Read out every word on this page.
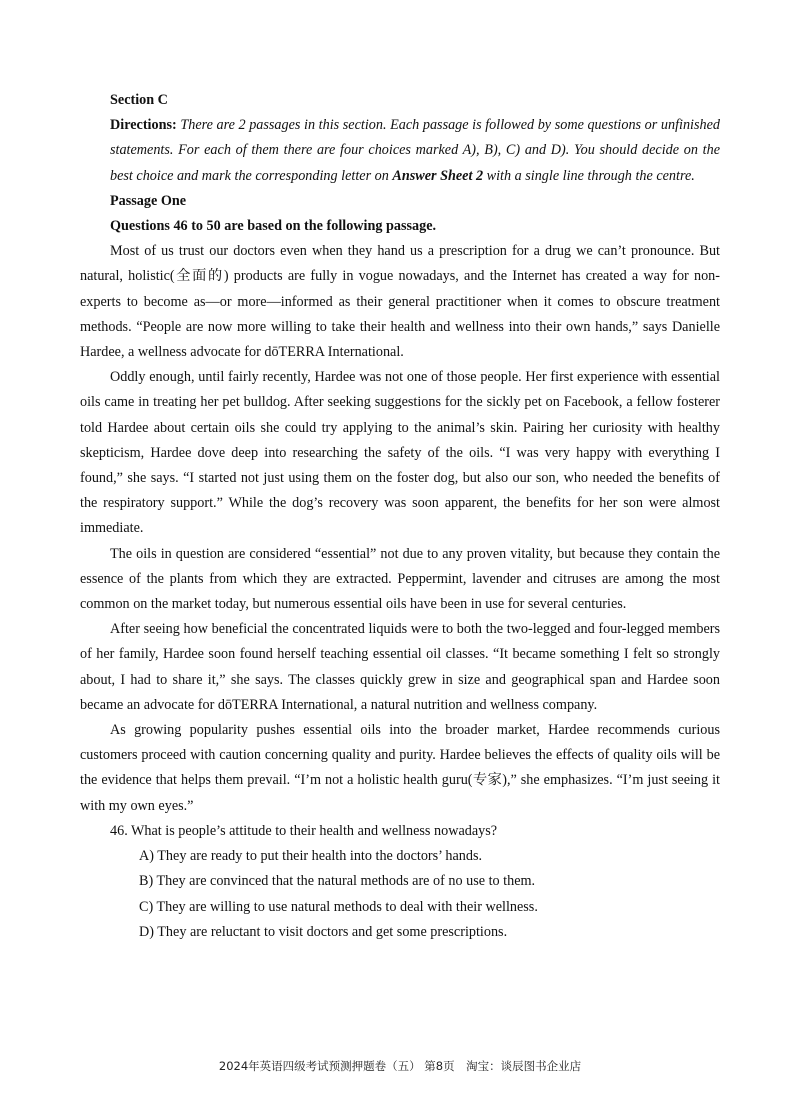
Section C
Directions: There are 2 passages in this section. Each passage is followed by some questions or unfinished statements. For each of them there are four choices marked A), B), C) and D). You should decide on the best choice and mark the corresponding letter on Answer Sheet 2 with a single line through the centre.
Passage One
Questions 46 to 50 are based on the following passage.

Most of us trust our doctors even when they hand us a prescription for a drug we can’t pronounce. But natural, holistic(全面的) products are fully in vogue nowadays, and the Internet has created a way for non-experts to become as—or more—informed as their general practitioner when it comes to obscure treatment methods. “People are now more willing to take their health and wellness into their own hands,” says Danielle Hardee, a wellness advocate for dōTERRA International.

Oddly enough, until fairly recently, Hardee was not one of those people. Her first experience with essential oils came in treating her pet bulldog. After seeking suggestions for the sickly pet on Facebook, a fellow fosterer told Hardee about certain oils she could try applying to the animal’s skin. Pairing her curiosity with healthy skepticism, Hardee dove deep into researching the safety of the oils. “I was very happy with everything I found,” she says. “I started not just using them on the foster dog, but also our son, who needed the benefits of the respiratory support.” While the dog’s recovery was soon apparent, the benefits for her son were almost immediate.

The oils in question are considered “essential” not due to any proven vitality, but because they contain the essence of the plants from which they are extracted. Peppermint, lavender and citruses are among the most common on the market today, but numerous essential oils have been in use for several centuries.

After seeing how beneficial the concentrated liquids were to both the two-legged and four-legged members of her family, Hardee soon found herself teaching essential oil classes. “It became something I felt so strongly about, I had to share it,” she says. The classes quickly grew in size and geographical span and Hardee soon became an advocate for dōTERRA International, a natural nutrition and wellness company.

As growing popularity pushes essential oils into the broader market, Hardee recommends curious customers proceed with caution concerning quality and purity. Hardee believes the effects of quality oils will be the evidence that helps them prevail. “I’m not a holistic health guru(专家),” she emphasizes. “I’m just seeing it with my own eyes.”

46. What is people’s attitude to their health and wellness nowadays?
A) They are ready to put their health into the doctors’ hands.
B) They are convinced that the natural methods are of no use to them.
C) They are willing to use natural methods to deal with their wellness.
D) They are reluctant to visit doctors and get some prescriptions.
2024年英语四级考试预测押题卷（五） 第8页　淘宝：谈辰图书企业店
